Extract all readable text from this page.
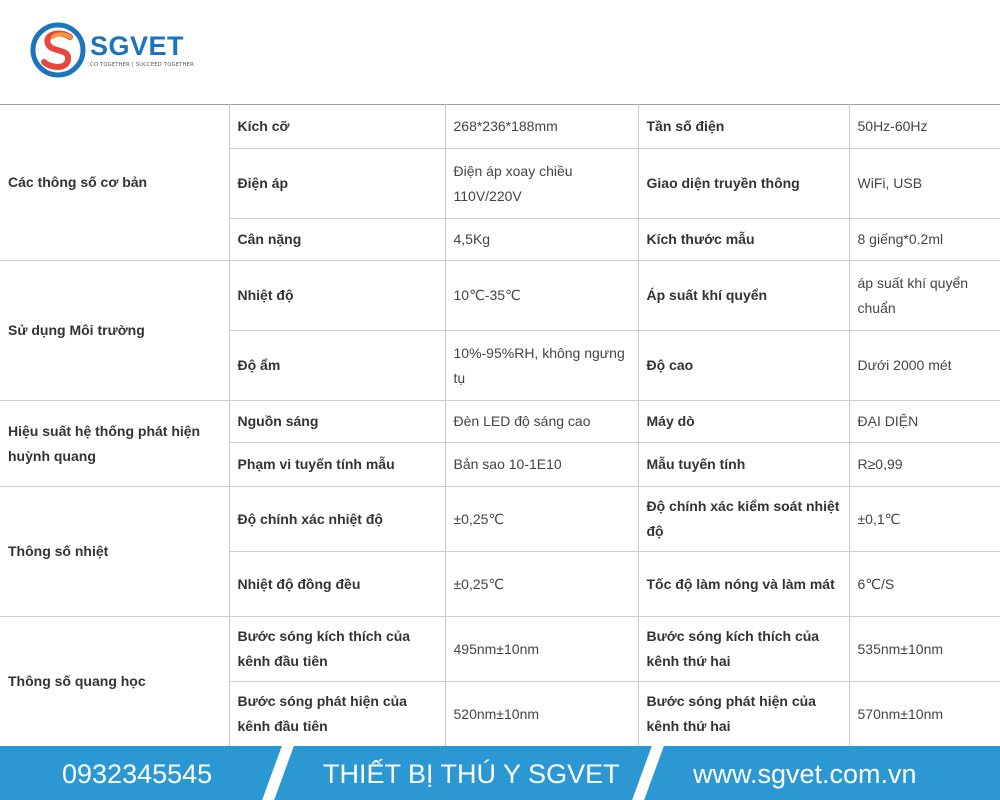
SGVET
CO TOGETHER | SUCCEED TOGETHER
Các thông số cơ bản	Kích cỡ	268*236*188mm	Tần số điện	50Hz-60Hz
	Điện áp	Điện áp xoay chiều 110V/220V	Giao diện truyền thông	WiFi, USB
	Cân nặng	4,5Kg	Kích thước mẫu	8 giếng*0.2ml
Sử dụng Môi trường	Nhiệt độ	10℃-35℃	Áp suất khí quyển	áp suất khí quyển chuẩn
	Độ ẩm	10%-95%RH, không ngưng tụ	Độ cao	Dưới 2000 mét
Hiệu suất hệ thống phát hiện huỳnh quang	Nguồn sáng	Đèn LED độ sáng cao	Máy dò	ĐẠI DIỆN
	Phạm vi tuyến tính mẫu	Bản sao 10-1E10	Mẫu tuyến tính	R≥0,99
Thông số nhiệt	Độ chính xác nhiệt độ	±0,25℃	Độ chính xác kiểm soát nhiệt độ	±0,1℃
	Nhiệt độ đồng đều	±0,25℃	Tốc độ làm nóng và làm mát	6℃/S
Thông số quang học	Bước sóng kích thích của kênh đầu tiên	495nm±10nm	Bước sóng kích thích của kênh thứ hai	535nm±10nm
	Bước sóng phát hiện của kênh đầu tiên	520nm±10nm	Bước sóng phát hiện của kênh thứ hai	570nm±10nm
0932345545	THIẾT BỊ THÚ Y SGVET	www.sgvet.com.vn
